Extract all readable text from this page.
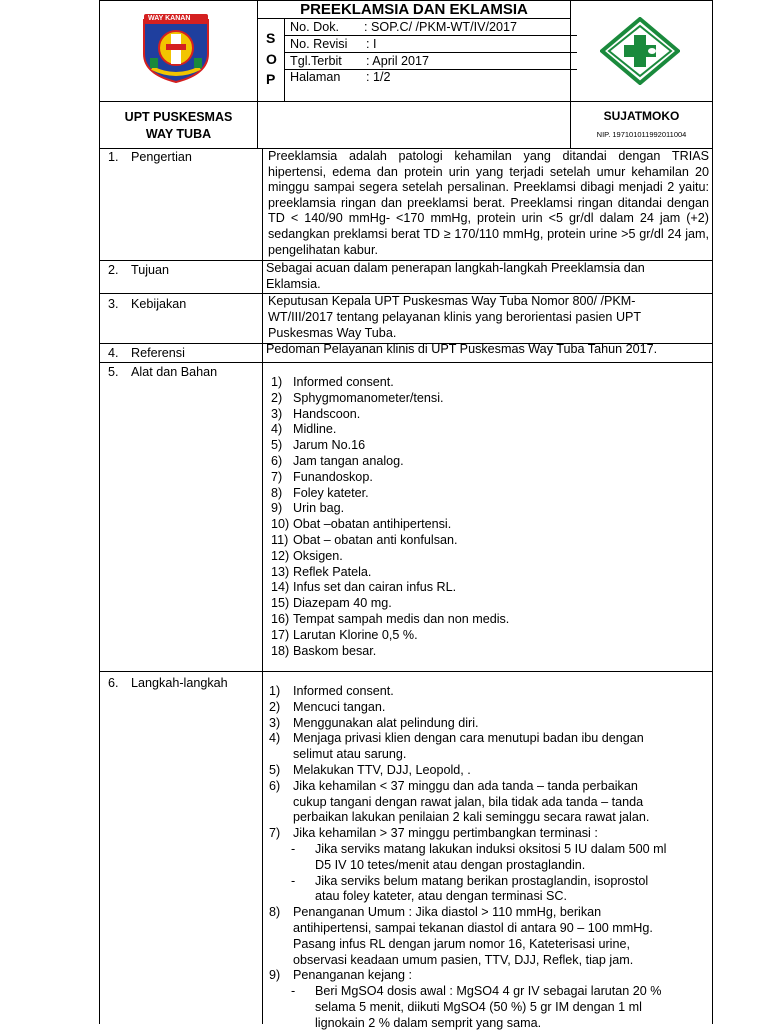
WAY KANAN
PREEKLAMSIA DAN EKLAMSIA
S
O
P
No. Dok. : SOP.C/ /PKM-WT/IV/2017
No. Revisi : I
Tgl.Terbit : April 2017
Halaman : 1/2
UPT PUSKESMAS
WAY TUBA
SUJATMOKO
NIP. 197101011992011004
1. Pengertian	Preeklamsia adalah patologi kehamilan yang ditandai dengan TRIAS hipertensi, edema dan protein urin yang terjadi setelah umur kehamilan 20 minggu sampai segera setelah persalinan. Preeklamsi dibagi menjadi 2 yaitu: preeklamsia ringan dan preeklamsi berat. Preeklamsi ringan ditandai dengan TD < 140/90 mmHg- <170 mmHg, protein urin <5 gr/dl dalam 24 jam (+2) sedangkan preklamsi berat TD ≥ 170/110 mmHg, protein urine >5 gr/dl 24 jam, pengelihatan kabur.
2. Tujuan	Sebagai acuan dalam penerapan langkah-langkah Preeklamsia dan
Eklamsia.
3. Kebijakan	Keputusan Kepala UPT Puskesmas Way Tuba Nomor 800/ /PKM-
WT/III/2017 tentang pelayanan klinis yang berorientasi pasien UPT
Puskesmas Way Tuba.
4. Referensi	Pedoman Pelayanan klinis di UPT Puskesmas Way Tuba Tahun 2017.
5. Alat dan Bahan
1) Informed consent.
2) Sphygmomanometer/tensi.
3) Handscoon.
4) Midline.
5) Jarum No.16
6) Jam tangan analog.
7) Funandoskop.
8) Foley kateter.
9) Urin bag.
10) Obat –obatan antihipertensi.
11) Obat – obatan anti konfulsan.
12) Oksigen.
13) Reflek Patela.
14) Infus set dan cairan infus RL.
15) Diazepam 40 mg.
16) Tempat sampah medis dan non medis.
17) Larutan Klorine 0,5 %.
18) Baskom besar.
6. Langkah-langkah
1) Informed consent.
2) Mencuci tangan.
3) Menggunakan alat pelindung diri.
4) Menjaga privasi klien dengan cara menutupi badan ibu dengan
selimut atau sarung.
5) Melakukan TTV, DJJ, Leopold, .
6) Jika kehamilan < 37 minggu dan ada tanda – tanda perbaikan
cukup tangani dengan rawat jalan, bila tidak ada tanda – tanda
perbaikan lakukan penilaian 2 kali seminggu secara rawat jalan.
7) Jika kehamilan > 37 minggu pertimbangkan terminasi :
- Jika serviks matang lakukan induksi oksitosi 5 IU dalam 500 ml
D5 IV 10 tetes/menit atau dengan prostaglandin.
- Jika serviks belum matang berikan prostaglandin, isoprostol
atau foley kateter, atau dengan terminasi SC.
8) Penanganan Umum : Jika diastol > 110 mmHg, berikan
antihipertensi, sampai tekanan diastol di antara 90 – 100 mmHg.
Pasang infus RL dengan jarum nomor 16, Kateterisasi urine,
observasi keadaan umum pasien, TTV, DJJ, Reflek, tiap jam.
9) Penanganan kejang :
- Beri MgSO4 dosis awal : MgSO4 4 gr IV sebagai larutan 20 %
selama 5 menit, diikuti MgSO4 (50 %) 5 gr IM dengan 1 ml
lignokain 2 % dalam semprit yang sama.
